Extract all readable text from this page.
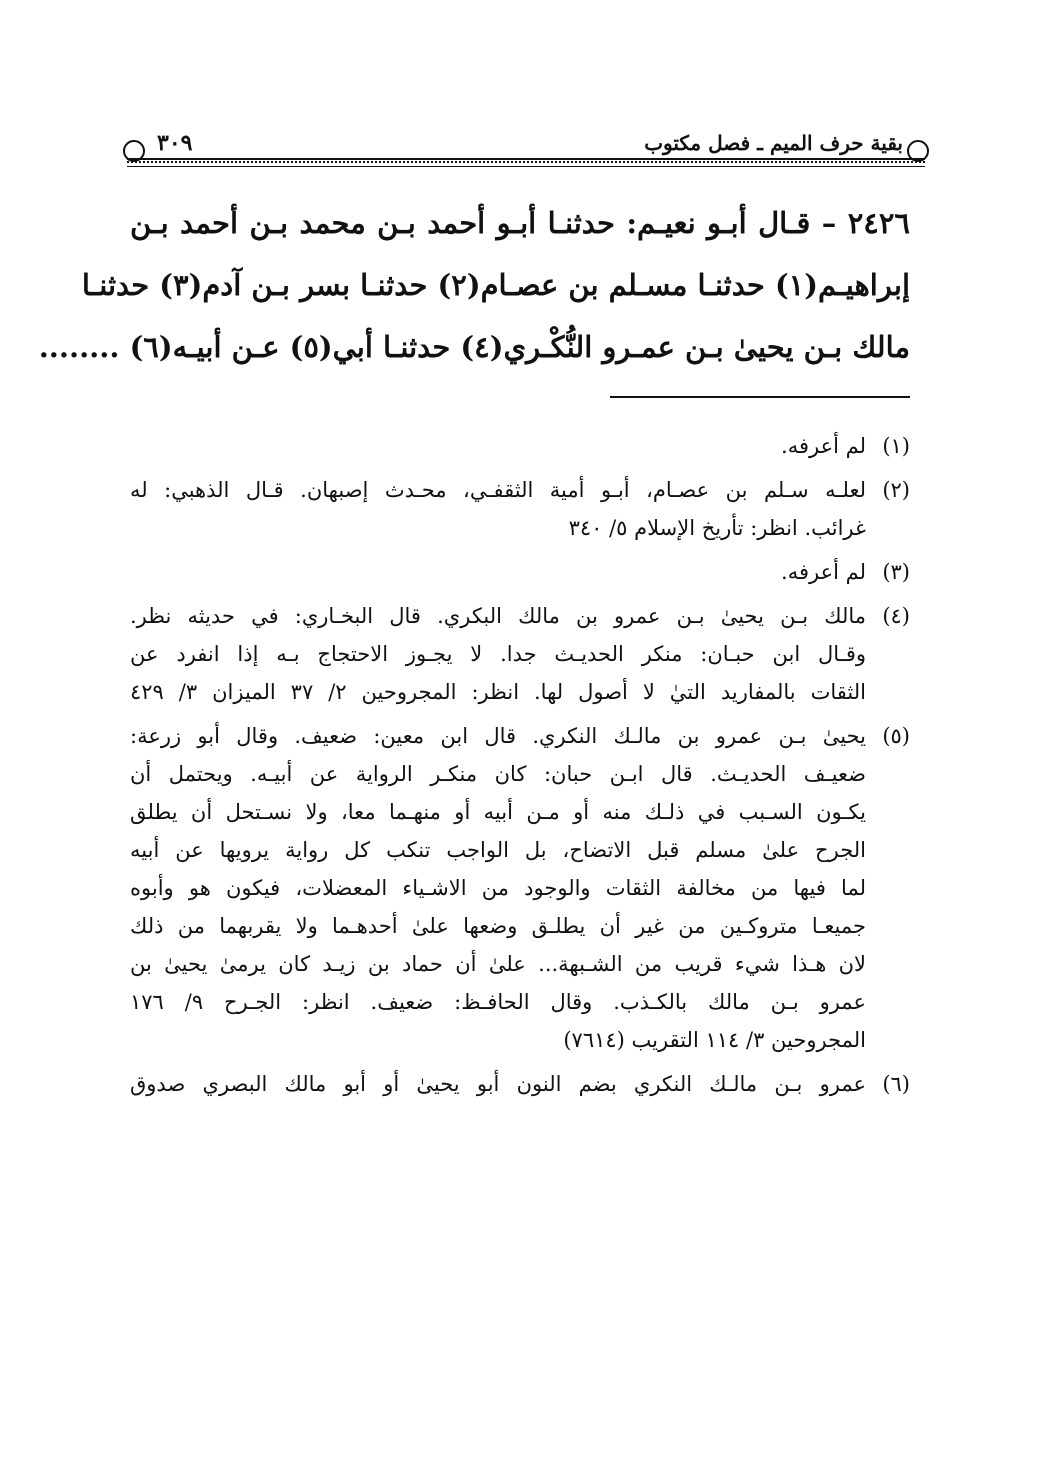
بقية حرف الميم ـ فصل مكتوب
٣٠٩
٢٤٢٦ – قـال أبـو نعيـم: حدثنـا أبـو أحمد بـن محمد بـن أحمد بـن
إبراهيـم(١) حدثنـا مسـلم بن عصـام(٢) حدثنـا بسر بـن آدم(٣) حدثنـا
مالك بـن يحيىٰ بـن عمـرو النُّكْـري(٤) حدثنـا أبي(٥) عـن أبيـه(٦) ........
(١)
لم أعرفه.
(٢)
لعلـه سـلم بن عصـام، أبـو أمية الثقفـي، محـدث إصبهان. قـال الذهبي: له
غرائب. انظر: تأريخ الإسلام ٥/ ٣٤٠
(٣)
لم أعرفه.
(٤)
مالك بـن يحيىٰ بـن عمرو بن مالك البكري. قال البخـاري: في حديثه نظر.
وقـال ابن حبـان: منكر الحديـث جدا. لا يجـوز الاحتجاج بـه إذا انفرد عن
الثقات بالمفاريد التيٰ لا أصول لها. انظر: المجروحين ٢/ ٣٧ الميزان ٣/ ٤٢٩
(٥)
يحيىٰ بـن عمرو بن مالـك النكري. قال ابن معين: ضعيف. وقال أبو زرعة:
ضعيـف الحديـث. قال ابـن حبان: كان منكـر الرواية عن أبيـه. ويحتمل أن
يكـون السـبب في ذلـك منه أو مـن أبيه أو منهـما معا، ولا نسـتحل أن يطلق
الجرح علىٰ مسلم قبل الاتضاح، بل الواجب تنكب كل رواية يرويها عن أبيه
لما فيها من مخالفة الثقات والوجود من الاشـياء المعضلات، فيكون هو وأبوه
جميعـا متروكـين من غير أن يطلـق وضعها علىٰ أحدهـما ولا يقربهما من ذلك
لان هـذا شيء قريب من الشـبهة... علىٰ أن حماد بن زيـد كان يرمىٰ يحيىٰ بن
عمرو بـن مالك بالكـذب. وقال الحافـظ: ضعيف. انظر: الجـرح ٩/ ١٧٦
المجروحين ٣/ ١١٤ التقريب (٧٦١٤)
(٦)
عمرو بـن مالـك النكري بضم النون أبو يحيىٰ أو أبو مالك البصري صدوق
